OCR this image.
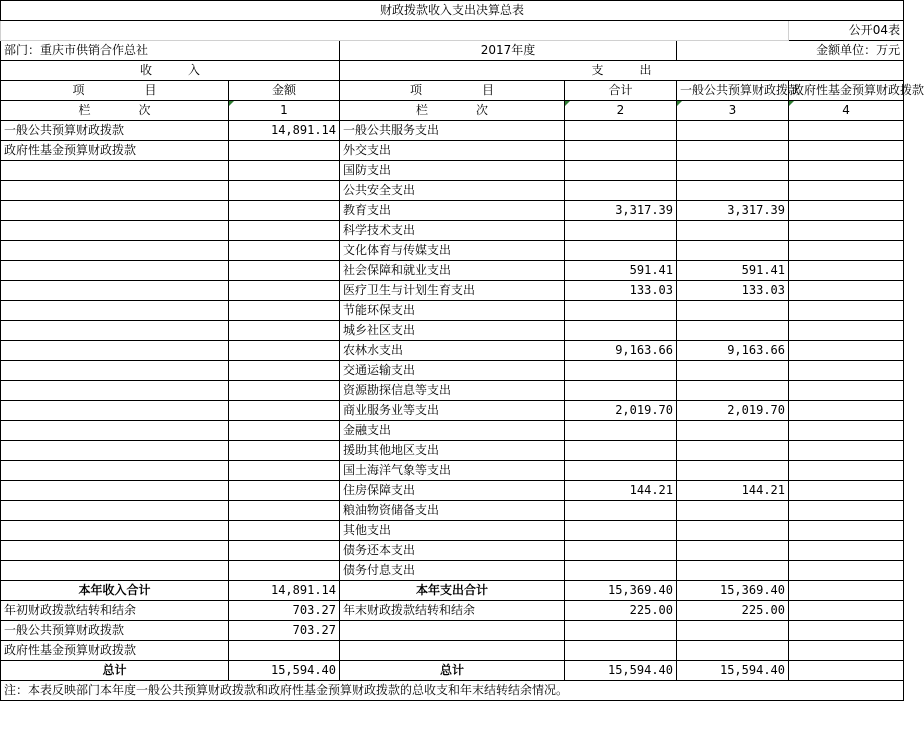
财政拨款收入支出决算总表					
					公开04表
部门：重庆市供销合作总社		2017年度		金额单位：万元	
收　　　入		支　　　出			
项　　　　　目	金额	项　　　　　目	合计	一般公共预算财政拨款	政府性基金预算财政拨款
栏　　　　次	1	栏　　　　次	2	3	4
一般公共预算财政拨款	14,891.14	一般公共服务支出			
政府性基金预算财政拨款		外交支出			
		国防支出			
		公共安全支出			
		教育支出	3,317.39	3,317.39	
		科学技术支出			
		文化体育与传媒支出			
		社会保障和就业支出	591.41	591.41	
		医疗卫生与计划生育支出	133.03	133.03	
		节能环保支出			
		城乡社区支出			
		农林水支出	9,163.66	9,163.66	
		交通运输支出			
		资源勘探信息等支出			
		商业服务业等支出	2,019.70	2,019.70	
		金融支出			
		援助其他地区支出			
		国土海洋气象等支出			
		住房保障支出	144.21	144.21	
		粮油物资储备支出			
		其他支出			
		债务还本支出			
		债务付息支出			
本年收入合计	14,891.14	本年支出合计	15,369.40	15,369.40	
年初财政拨款结转和结余	703.27	年末财政拨款结转和结余	225.00	225.00	
一般公共预算财政拨款	703.27				
政府性基金预算财政拨款					
总计	15,594.40	总计	15,594.40	15,594.40	
注：本表反映部门本年度一般公共预算财政拨款和政府性基金预算财政拨款的总收支和年末结转结余情况。					
